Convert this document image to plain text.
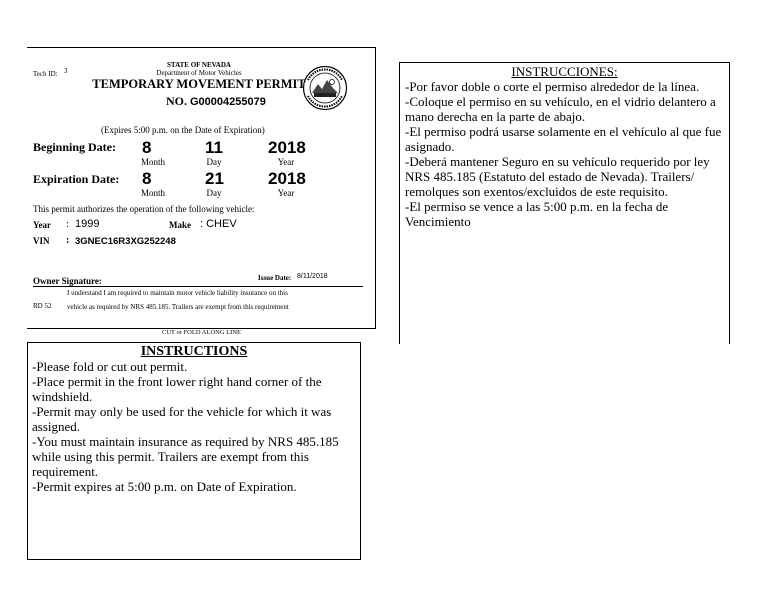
Tech ID: 3
STATE OF NEVADA
Department of Motor Vehicles
TEMPORARY MOVEMENT PERMIT
NO. G00004255079
(Expires 5:00 p.m. on the Date of Expiration)
Beginning Date: 8	11	2018
Month	Day	Year
Expiration Date: 8	21	2018
Month	Day	Year
This permit authorizes the operation of the following vehicle:
Year : 1999	Make : CHEV
VIN : 3GNEC16R3XG252248
Owner Signature:	Issue Date: 8/11/2018
I understand I am required to maintain motor vehicle liability insurance on this
vehicle as required by NRS 485.185. Trailers are exempt from this requirement
RD 52
CUT or FOLD ALONG LINE
INSTRUCTIONS
-Please fold or cut out permit.
-Place permit in the front lower right hand corner of the windshield.
-Permit may only be used for the vehicle for which it was assigned.
-You must maintain insurance as required by NRS 485.185 while using this permit. Trailers are exempt from this requirement.
-Permit expires at 5:00 p.m. on Date of Expiration.
INSTRUCCIONES:
-Por favor doble o corte el permiso alrededor de la línea.
-Coloque el permiso en su vehículo, en el vidrio delantero a mano derecha en la parte de abajo.
-El permiso podrá usarse solamente en el vehículo al que fue asignado.
-Deberá mantener Seguro en su vehículo requerido por ley NRS 485.185 (Estatuto del estado de Nevada). Trailers/ remolques son exentos/excluidos de este requisito.
-El permiso se vence a las 5:00 p.m. en la fecha de Vencimiento
